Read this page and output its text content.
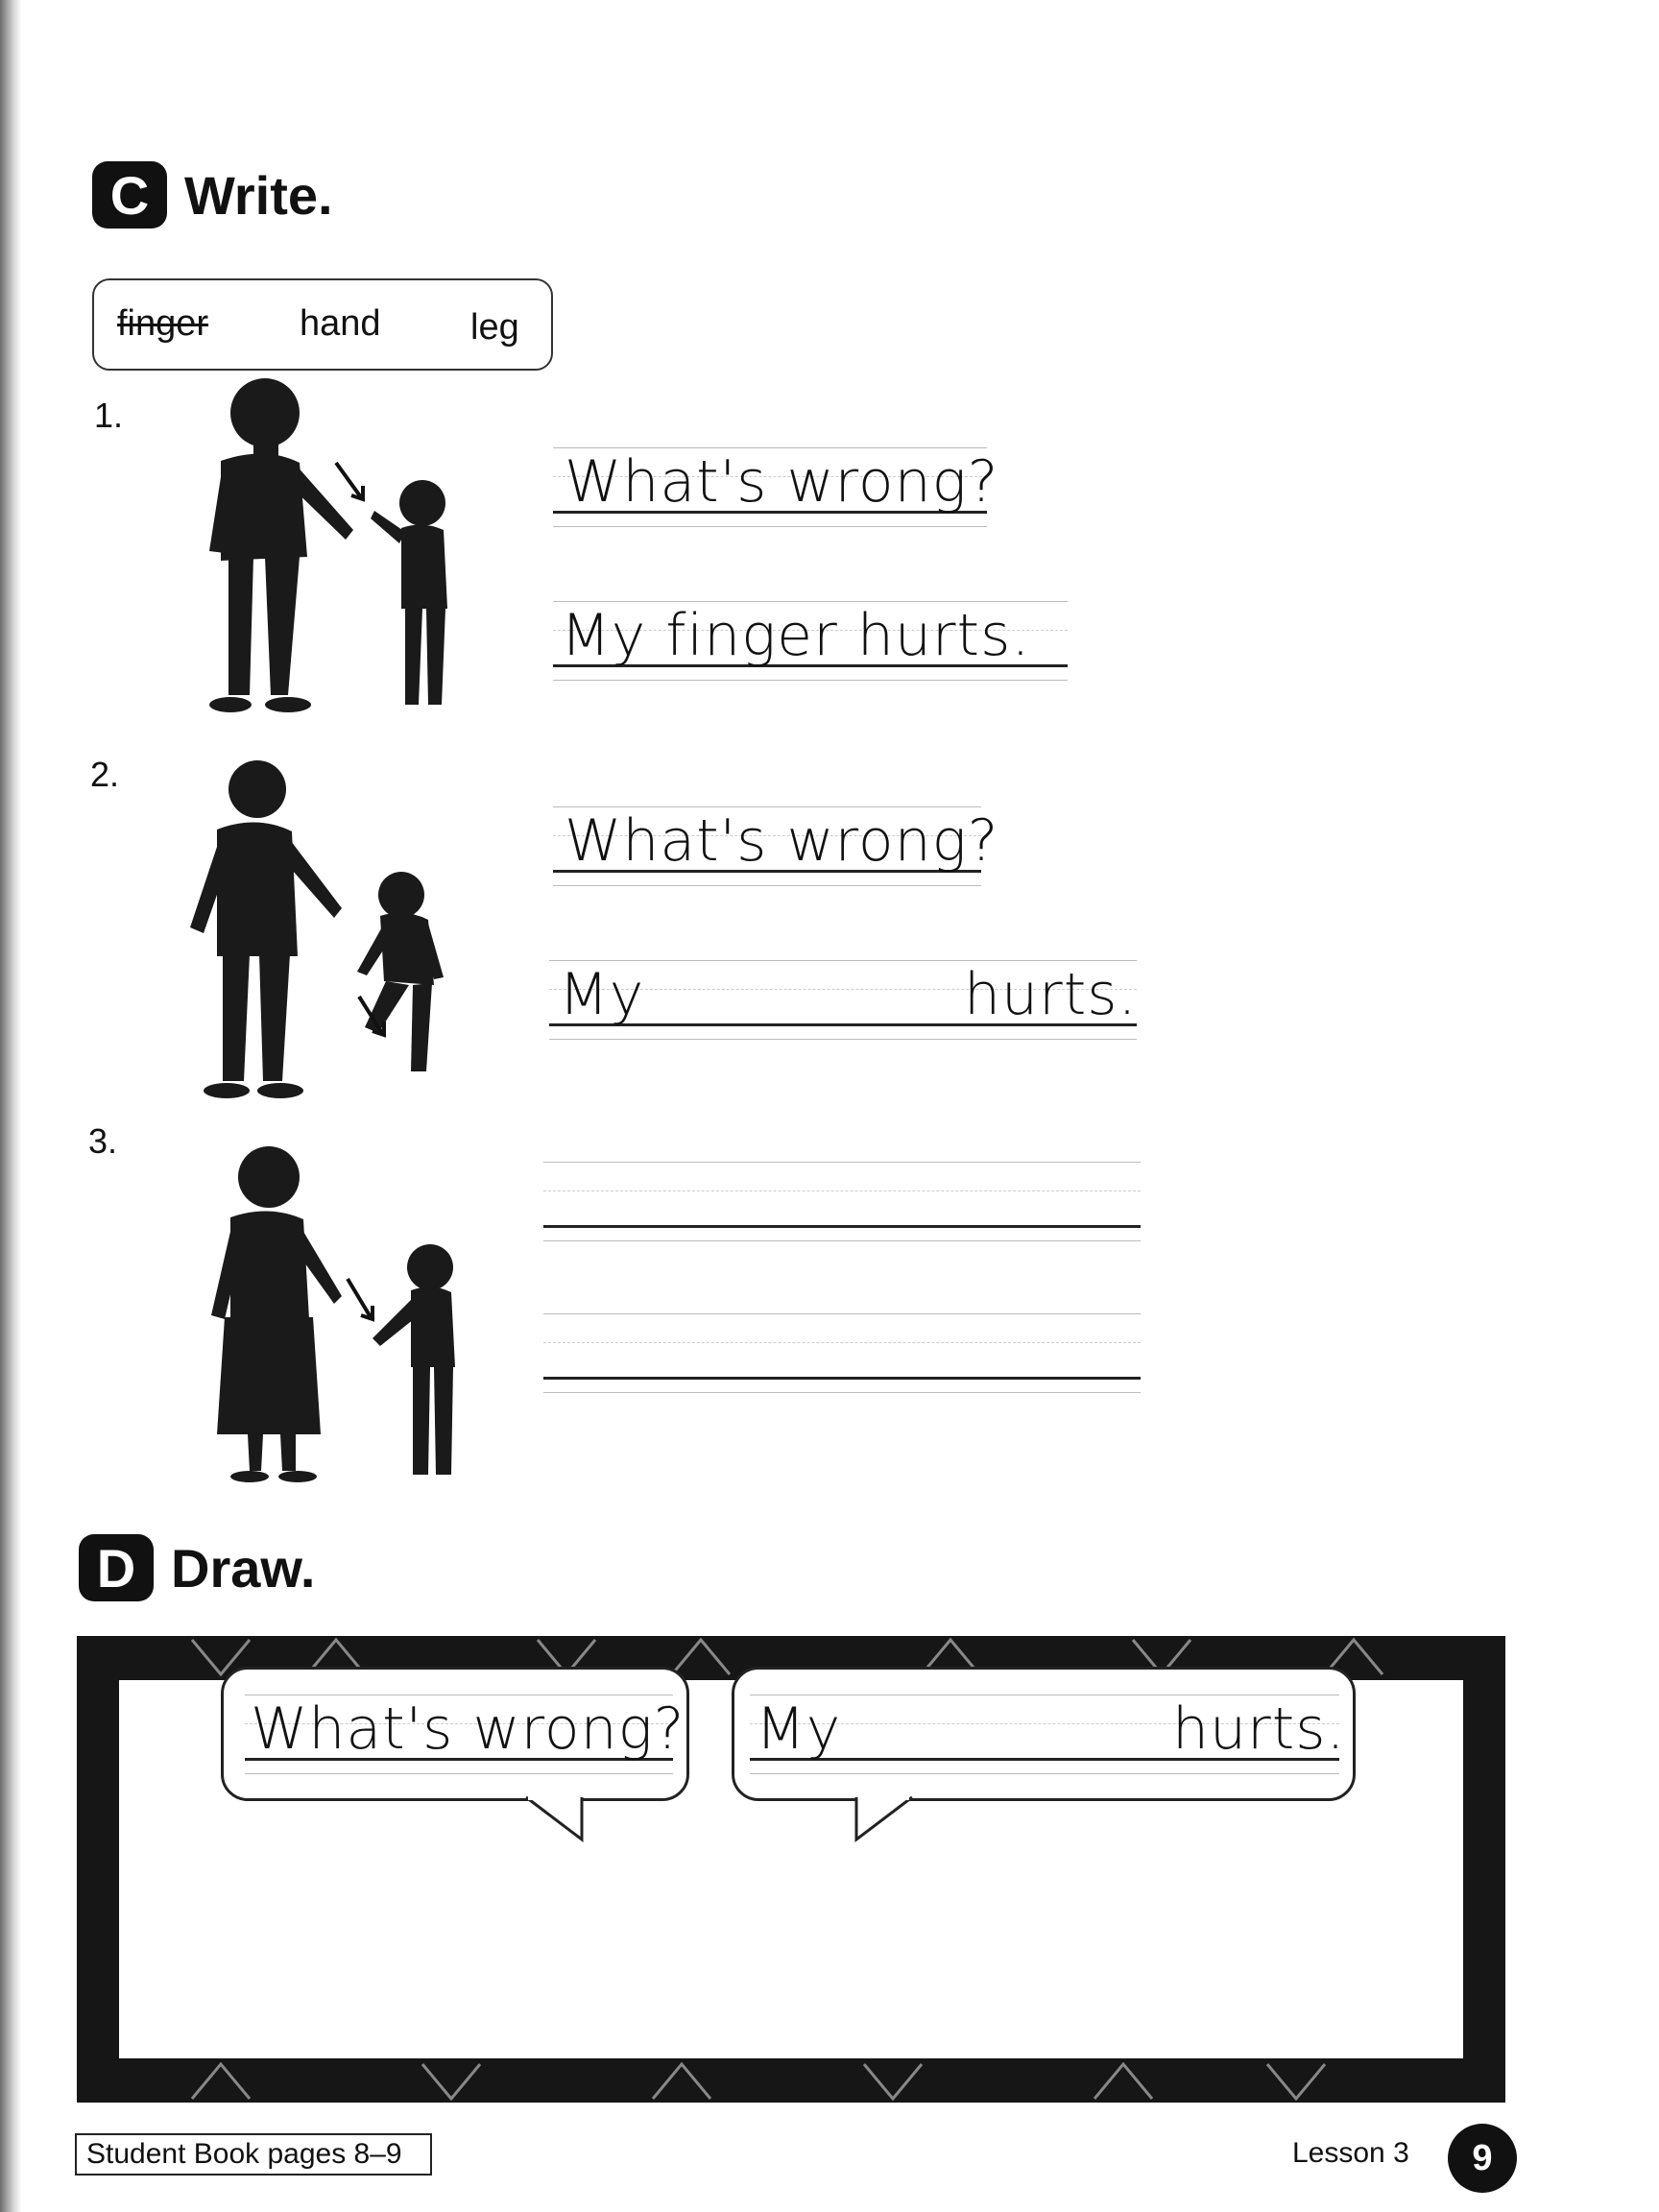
C Write.
finger hand leg
1.
What's wrong?
My finger hurts.
2.
What's wrong?
My	hurts.
3.
D Draw.
What's wrong? My	hurts.
Student Book pages 8–9	Lesson 3	9
